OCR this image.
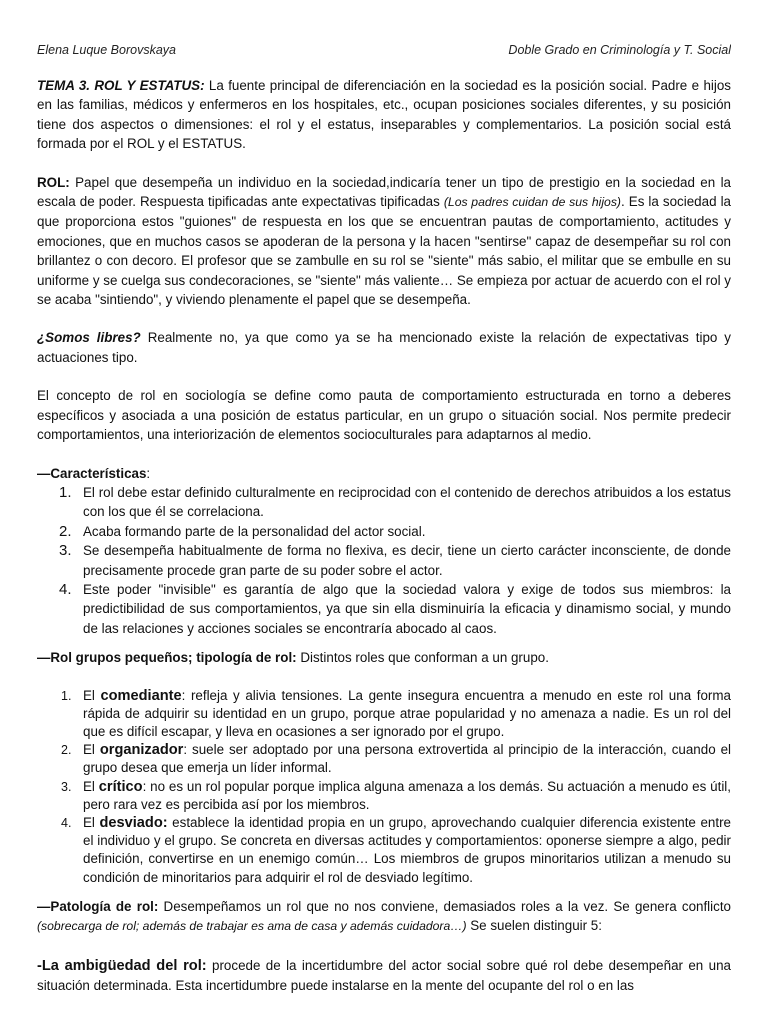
Elena Luque Borovskaya	Doble Grado en Criminología y T. Social

TEMA 3. ROL Y ESTATUS: La fuente principal de diferenciación en la sociedad es la posición social. Padre e hijos en las familias, médicos y enfermeros en los hospitales, etc., ocupan posiciones sociales diferentes, y su posición tiene dos aspectos o dimensiones: el rol y el estatus, inseparables y complementarios. La posición social está formada por el ROL y el ESTATUS.

ROL: Papel que desempeña un individuo en la sociedad,indicaría tener un tipo de prestigio en la sociedad en la escala de poder. Respuesta tipificadas ante expectativas tipificadas (Los padres cuidan de sus hijos). Es la sociedad la que proporciona estos "guiones" de respuesta en los que se encuentran pautas de comportamiento, actitudes y emociones, que en muchos casos se apoderan de la persona y la hacen "sentirse" capaz de desempeñar su rol con brillantez o con decoro. El profesor que se zambulle en su rol se "siente" más sabio, el militar que se embulle en su uniforme y se cuelga sus condecoraciones, se "siente" más valiente… Se empieza por actuar de acuerdo con el rol y se acaba "sintiendo", y viviendo plenamente el papel que se desempeña.

¿Somos libres? Realmente no, ya que como ya se ha mencionado existe la relación de expectativas tipo y actuaciones tipo.

El concepto de rol en sociología se define como pauta de comportamiento estructurada en torno a deberes específicos y asociada a una posición de estatus particular, en un grupo o situación social. Nos permite predecir comportamientos, una interiorización de elementos socioculturales para adaptarnos al medio.

—Características:

1. El rol debe estar definido culturalmente en reciprocidad con el contenido de derechos atribuidos a los estatus con los que él se correlaciona.
2. Acaba formando parte de la personalidad del actor social.
3. Se desempeña habitualmente de forma no flexiva, es decir, tiene un cierto carácter inconsciente, de donde precisamente procede gran parte de su poder sobre el actor.
4. Este poder "invisible" es garantía de algo que la sociedad valora y exige de todos sus miembros: la predictibilidad de sus comportamientos, ya que sin ella disminuiría la eficacia y dinamismo social, y mundo de las relaciones y acciones sociales se encontraría abocado al caos.

—Rol grupos pequeños; tipología de rol: Distintos roles que conforman a un grupo.

1. El comediante: refleja y alivia tensiones. La gente insegura encuentra a menudo en este rol una forma rápida de adquirir su identidad en un grupo, porque atrae popularidad y no amenaza a nadie. Es un rol del que es difícil escapar, y lleva en ocasiones a ser ignorado por el grupo.
2. El organizador: suele ser adoptado por una persona extrovertida al principio de la interacción, cuando el grupo desea que emerja un líder informal.
3. El crítico: no es un rol popular porque implica alguna amenaza a los demás. Su actuación a menudo es útil, pero rara vez es percibida así por los miembros.
4. El desviado: establece la identidad propia en un grupo, aprovechando cualquier diferencia existente entre el individuo y el grupo. Se concreta en diversas actitudes y comportamientos: oponerse siempre a algo, pedir definición, convertirse en un enemigo común… Los miembros de grupos minoritarios utilizan a menudo su condición de minoritarios para adquirir el rol de desviado legítimo.

—Patología de rol: Desempeñamos un rol que no nos conviene, demasiados roles a la vez. Se genera conflicto (sobrecarga de rol; además de trabajar es ama de casa y además cuidadora…) Se suelen distinguir 5:

-La ambigüedad del rol: procede de la incertidumbre del actor social sobre qué rol debe desempeñar en una situación determinada. Esta incertidumbre puede instalarse en la mente del ocupante del rol o en las
